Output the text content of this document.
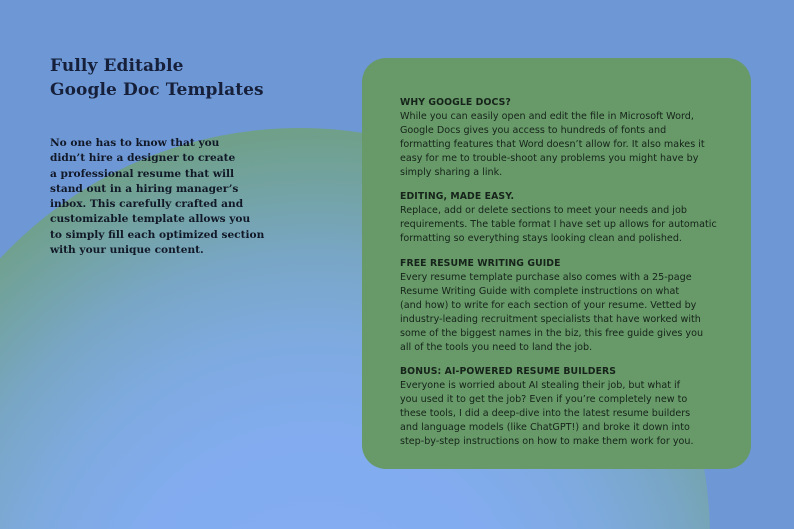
Fully Editable
Google Doc Templates

No one has to know that you
didn’t hire a designer to create
a professional resume that will
stand out in a hiring manager’s
inbox. This carefully crafted and
customizable template allows you
to simply fill each optimized section
with your unique content.

WHY GOOGLE DOCS?
While you can easily open and edit the file in Microsoft Word,
Google Docs gives you access to hundreds of fonts and
formatting features that Word doesn’t allow for. It also makes it
easy for me to trouble-shoot any problems you might have by
simply sharing a link.
EDITING, MADE EASY.
Replace, add or delete sections to meet your needs and job
requirements. The table format I have set up allows for automatic
formatting so everything stays looking clean and polished.
FREE RESUME WRITING GUIDE
Every resume template purchase also comes with a 25-page
Resume Writing Guide with complete instructions on what
(and how) to write for each section of your resume. Vetted by
industry-leading recruitment specialists that have worked with
some of the biggest names in the biz, this free guide gives you
all of the tools you need to land the job.
BONUS: AI-POWERED RESUME BUILDERS
Everyone is worried about AI stealing their job, but what if
you used it to get the job? Even if you’re completely new to
these tools, I did a deep-dive into the latest resume builders
and language models (like ChatGPT!) and broke it down into
step-by-step instructions on how to make them work for you.
